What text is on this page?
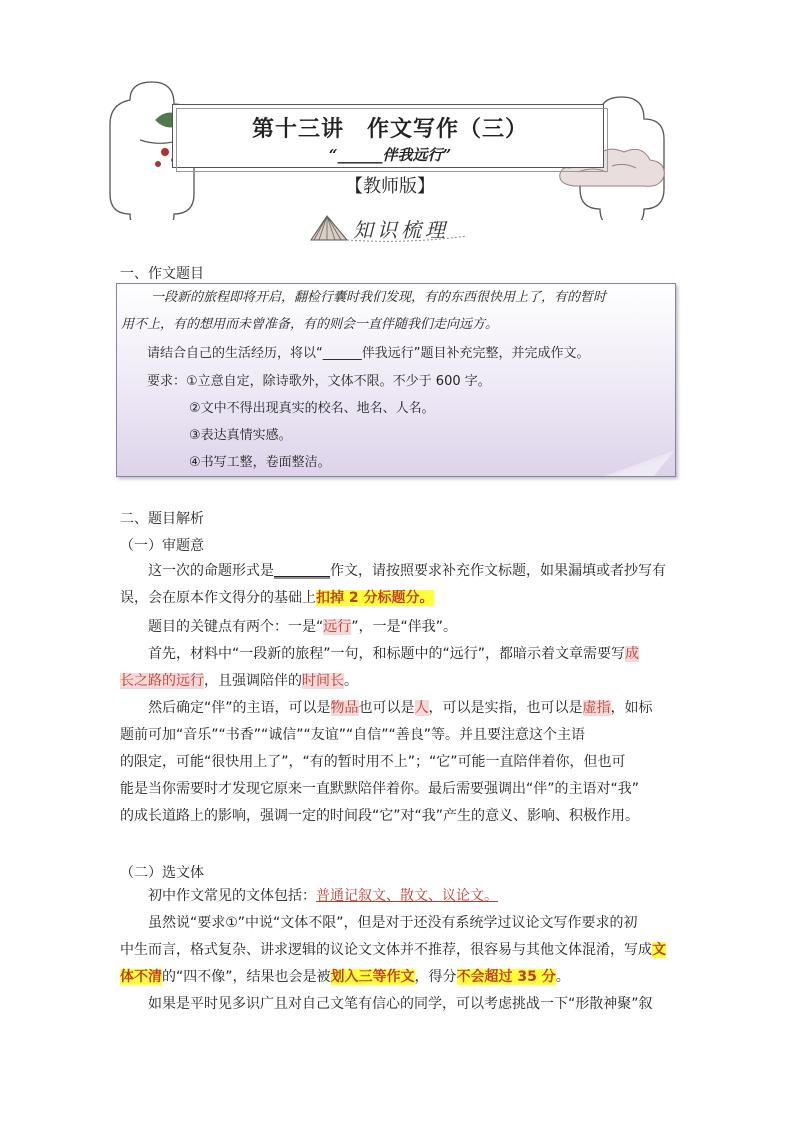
第十三讲　作文写作（三）
“______伴我远行”
【教师版】
知识梳理
一、作文题目
一段新的旅程即将开启，翻检行囊时我们发现，有的东西很快用上了，有的暂时
用不上，有的想用而未曾准备，有的则会一直伴随我们走向远方。
请结合自己的生活经历，将以“______伴我远行”题目补充完整，并完成作文。
要求：①立意自定，除诗歌外，文体不限。不少于 600 字。
②文中不得出现真实的校名、地名、人名。
③表达真情实感。
④书写工整，卷面整洁。
二、题目解析
（一）审题意
这一次的命题形式是________作文，请按照要求补充作文标题，如果漏填或者抄写有
误，会在原本作文得分的基础上扣掉 2 分标题分。
题目的关键点有两个：一是“远行”，一是“伴我”。
首先，材料中“一段新的旅程”一句，和标题中的“远行”，都暗示着文章需要写成
长之路的远行，且强调陪伴的时间长。
然后确定“伴”的主语，可以是物品也可以是人，可以是实指，也可以是虚指，如标
题前可加“音乐”“书香”“诚信”“友谊”“自信”“善良”等。并且要注意这个主语
的限定，可能“很快用上了”，“有的暂时用不上”；“它”可能一直陪伴着你，但也可
能是当你需要时才发现它原来一直默默陪伴着你。最后需要强调出“伴”的主语对“我”
的成长道路上的影响，强调一定的时间段“它”对“我”产生的意义、影响、积极作用。
（二）选文体
初中作文常见的文体包括：普通记叙文、散文、议论文。
虽然说“要求①”中说“文体不限”，但是对于还没有系统学过议论文写作要求的初
中生而言，格式复杂、讲求逻辑的议论文文体并不推荐，很容易与其他文体混淆，写成文
体不清的“四不像”，结果也会是被划入三等作文，得分不会超过 35 分。
如果是平时见多识广且对自己文笔有信心的同学，可以考虑挑战一下“形散神聚”叙
